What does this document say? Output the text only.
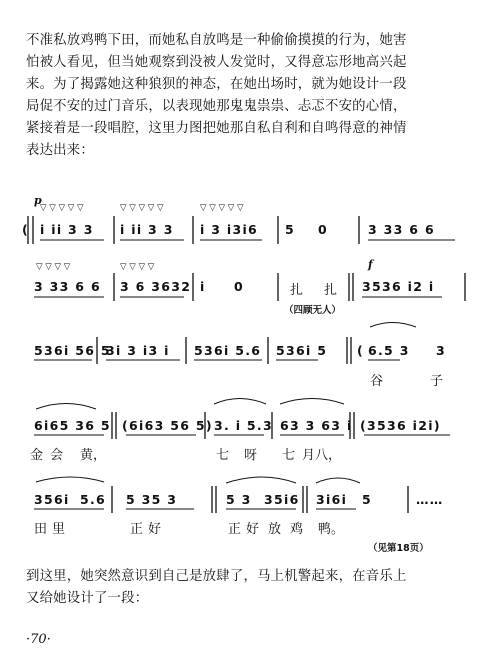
不准私放鸡鸭下田，而她私自放鸣是一种偷偷摸摸的行为，她害
怕被人看见，但当她观察到没被人发觉时，又得意忘形地高兴起
来。为了揭露她这种狼狈的神态，在她出场时，就为她设计一段
局促不安的过门音乐，以表现她那鬼鬼祟祟、忐忑不安的心情，
紧接着是一段唱腔，这里力图把她那自私自利和自鸣得意的神情
表达出来：
p
▽ ▽ ▽ ▽ ▽	▽ ▽ ▽ ▽ ▽	▽ ▽ ▽ ▽ ▽
( i ii 3 3 i ii 3 3 i 3 i3i6 5 0	3 33 6 6
▽ ▽ ▽ ▽	▽ ▽ ▽ ▽	f
3 33 6 6 3 6 3632 i 0	扎 扎 3536 i2 i
（四顾无人）
536i 56 5
3i 3 i3 i 536i 5.6 536i 5 ( 6.5 3 3
谷	子
6i65 36 5 (6i63 56 5) 3. i 5.3 63 3 63 i (3536 i2i)
金 会 黄，	七 呀 七 月八，
356i 5.6 5 35 3	5 3 35i6 3i6i 5	……
田 里	正 好	正 好 放 鸡 鸭。
（见第18页）
到这里，她突然意识到自己是放肆了，马上机警起来，在音乐上
又给她设计了一段：
·70·
